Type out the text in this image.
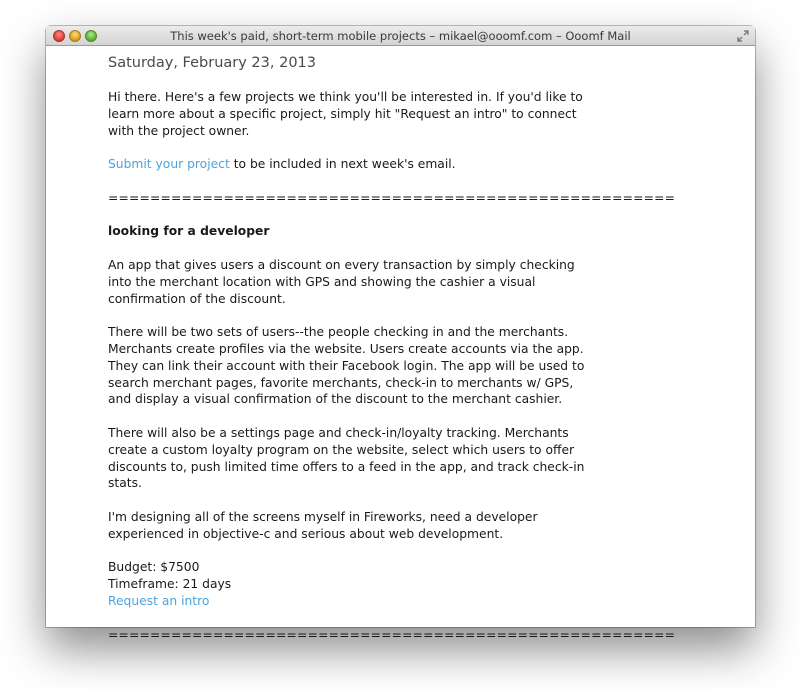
This week's paid, short-term mobile projects – mikael@ooomf.com – Ooomf Mail
Saturday, February 23, 2013

Hi there. Here's a few projects we think you'll be interested in. If you'd like to learn more about a specific project, simply hit "Request an intro" to connect with the project owner.

Submit your project to be included in next week's email.

======================================================

looking for a developer

An app that gives users a discount on every transaction by simply checking into the merchant location with GPS and showing the cashier a visual confirmation of the discount.

There will be two sets of users--the people checking in and the merchants. Merchants create profiles via the website. Users create accounts via the app. They can link their account with their Facebook login. The app will be used to search merchant pages, favorite merchants, check-in to merchants w/ GPS, and display a visual confirmation of the discount to the merchant cashier.

There will also be a settings page and check-in/loyalty tracking. Merchants create a custom loyalty program on the website, select which users to offer discounts to, push limited time offers to a feed in the app, and track check-in stats.

I'm designing all of the screens myself in Fireworks, need a developer experienced in objective-c and serious about web development.

Budget: $7500
Timeframe: 21 days
Request an intro

======================================================
